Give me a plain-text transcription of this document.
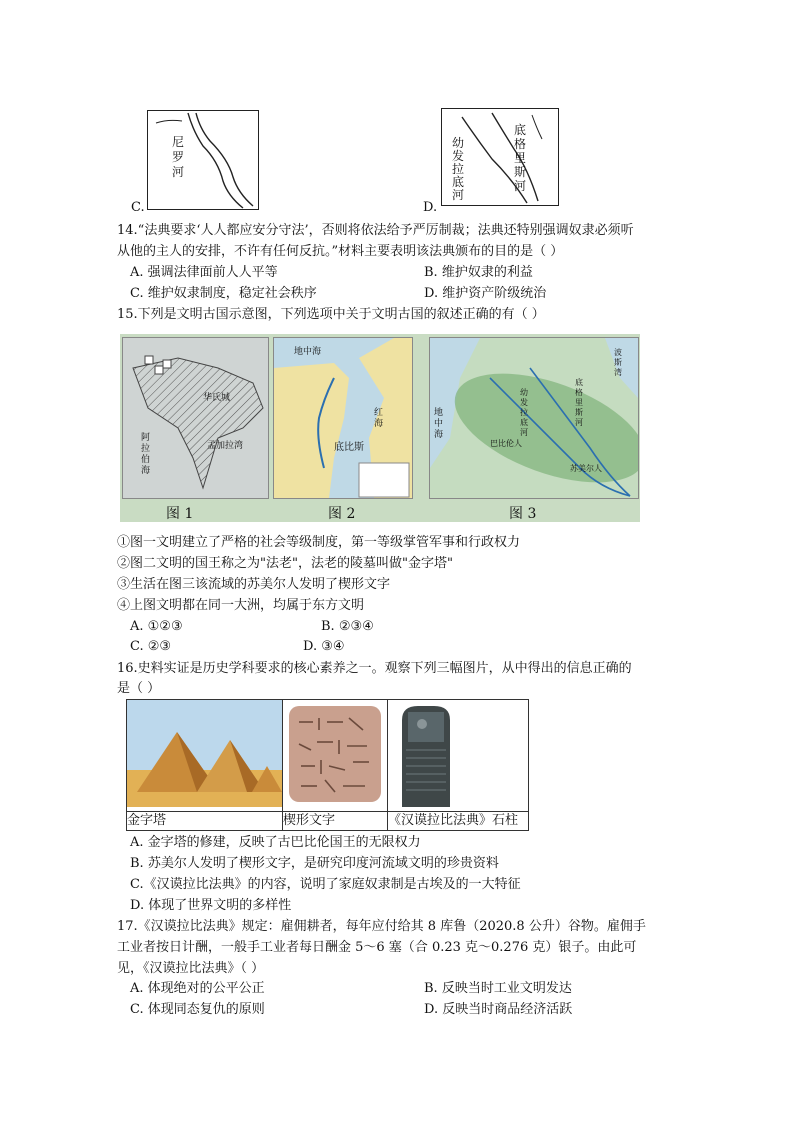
尼罗河
C.
底格里斯河
幼发拉底河
D.
14.“法典要求‘人人都应安分守法’，否则将依法给予严厉制裁；法典还特别强调奴隶必须听
从他的主人的安排，不许有任何反抗。”材料主要表明该法典颁布的目的是（ ）
A. 强调法律面前人人平等	B. 维护奴隶的利益
C. 维护奴隶制度，稳定社会秩序	D. 维护资产阶级统治
15.下列是文明古国示意图，下列选项中关于文明古国的叙述正确的有（ ）
华氏城
阿拉伯海
孟加拉湾
地中海
底比斯
红海
地中海
幼发拉底河
底格里斯河
巴比伦人
苏美尔人
波斯湾
图 1	图 2	图 3
①图一文明建立了严格的社会等级制度，第一等级掌管军事和行政权力
②图二文明的国王称之为"法老"，法老的陵墓叫做"金字塔"
③生活在图三该流域的苏美尔人发明了楔形文字
④上图文明都在同一大洲，均属于东方文明
A. ①②③	B. ②③④
C. ②③	D. ③④
16.史料实证是历史学科要求的核心素养之一。观察下列三幅图片，从中得出的信息正确的
是（ ）

金字塔	楔形文字	《汉谟拉比法典》石柱
A. 金字塔的修建，反映了古巴比伦国王的无限权力
B. 苏美尔人发明了楔形文字，是研究印度河流域文明的珍贵资料
C.《汉谟拉比法典》的内容，说明了家庭奴隶制是古埃及的一大特征
D. 体现了世界文明的多样性
17.《汉谟拉比法典》规定：雇佣耕者，每年应付给其 8 库鲁（2020.8 公升）谷物。雇佣手
工业者按日计酬，一般手工业者每日酬金 5～6 塞（合 0.23 克～0.276 克）银子。由此可
见，《汉谟拉比法典》（ ）
A. 体现绝对的公平公正	B. 反映当时工业文明发达
C. 体现同态复仇的原则	D. 反映当时商品经济活跃
